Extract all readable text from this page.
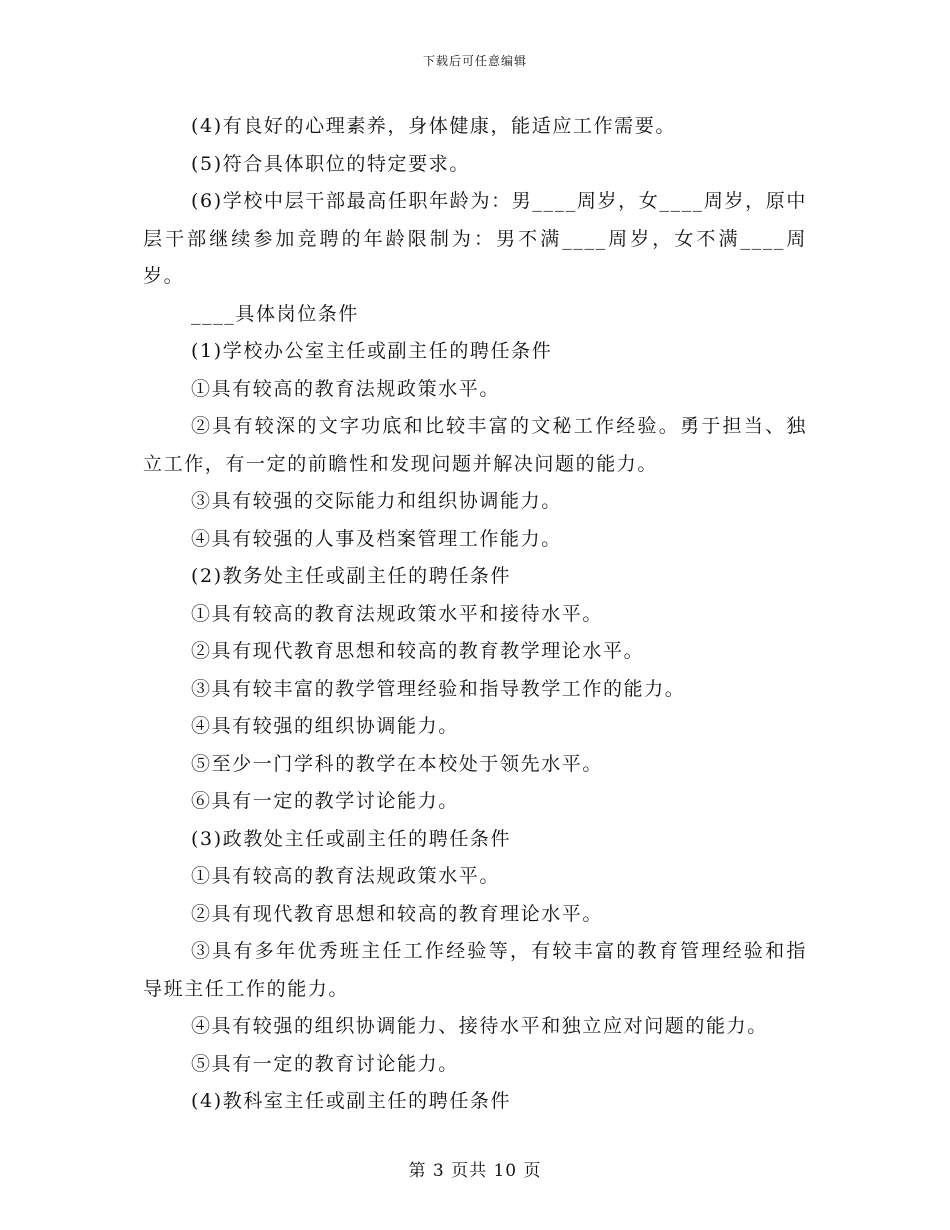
下载后可任意编辑

(4)有良好的心理素养，身体健康，能适应工作需要。

(5)符合具体职位的特定要求。

(6)学校中层干部最高任职年龄为：男____周岁，女____周岁，原中层干部继续参加竞聘的年龄限制为：男不满____周岁，女不满____周岁。

____具体岗位条件

(1)学校办公室主任或副主任的聘任条件

①具有较高的教育法规政策水平。

②具有较深的文字功底和比较丰富的文秘工作经验。勇于担当、独立工作，有一定的前瞻性和发现问题并解决问题的能力。

③具有较强的交际能力和组织协调能力。

④具有较强的人事及档案管理工作能力。

(2)教务处主任或副主任的聘任条件

①具有较高的教育法规政策水平和接待水平。

②具有现代教育思想和较高的教育教学理论水平。

③具有较丰富的教学管理经验和指导教学工作的能力。

④具有较强的组织协调能力。

⑤至少一门学科的教学在本校处于领先水平。

⑥具有一定的教学讨论能力。

(3)政教处主任或副主任的聘任条件

①具有较高的教育法规政策水平。

②具有现代教育思想和较高的教育理论水平。

③具有多年优秀班主任工作经验等，有较丰富的教育管理经验和指导班主任工作的能力。

④具有较强的组织协调能力、接待水平和独立应对问题的能力。

⑤具有一定的教育讨论能力。

(4)教科室主任或副主任的聘任条件

第 3 页共 10 页
